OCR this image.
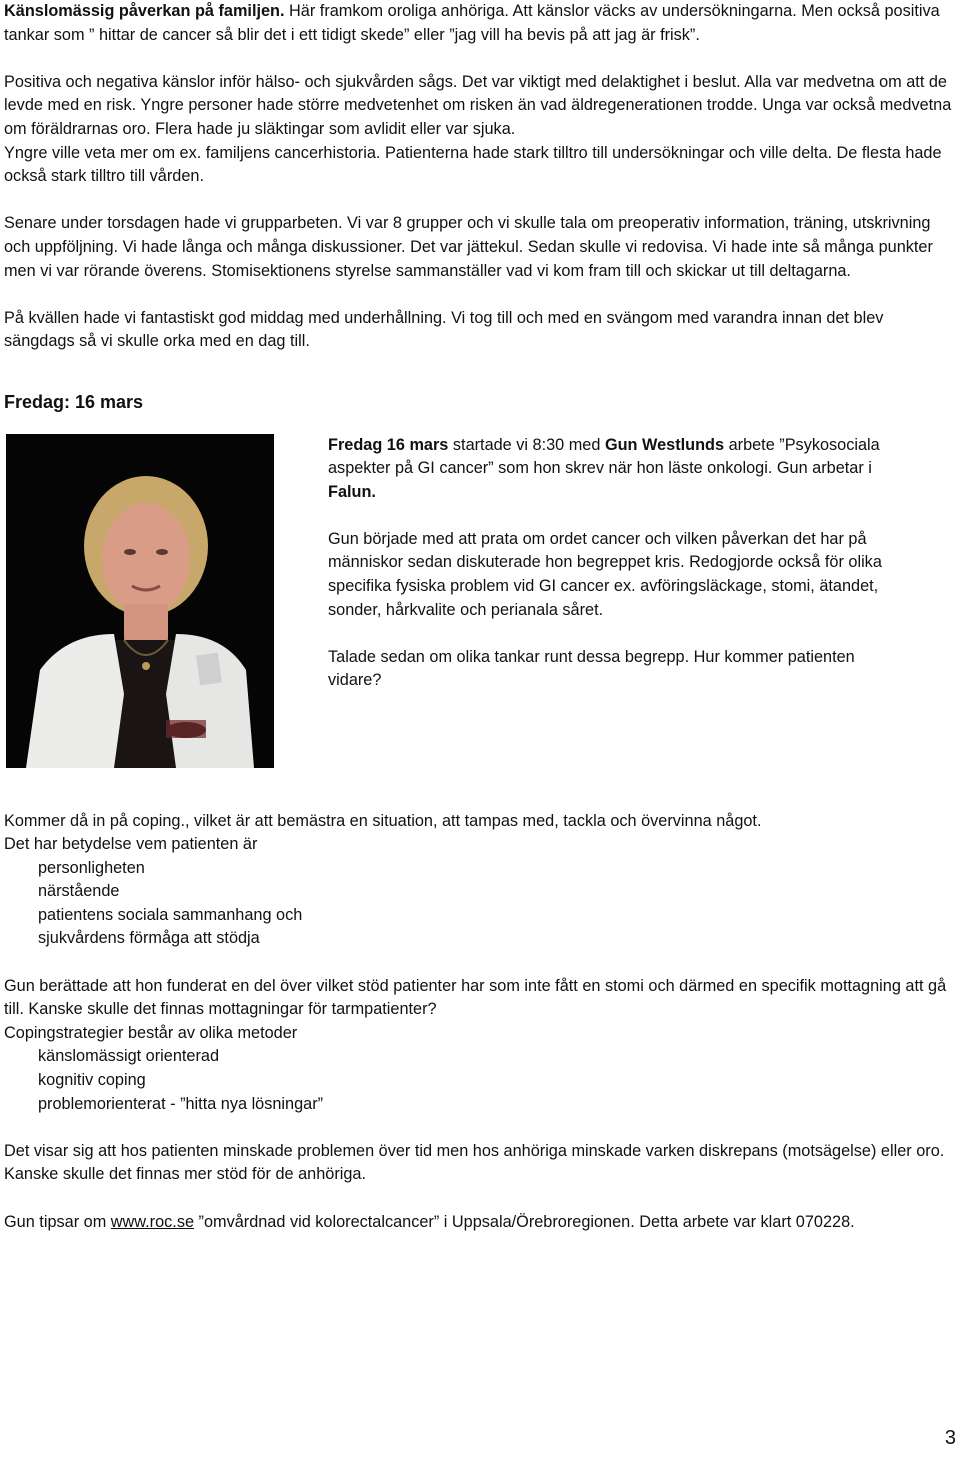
Känslomässig påverkan på familjen. Här framkom oroliga anhöriga. Att känslor väcks av undersökningarna. Men också positiva tankar som ” hittar de cancer så blir det i ett tidigt skede” eller ”jag vill ha bevis på att jag är frisk”.

Positiva och negativa känslor inför hälso- och sjukvården sågs. Det var viktigt med delaktighet i beslut. Alla var medvetna om att de levde med en risk. Yngre personer hade större medvetenhet om risken än vad äldregenerationen trodde. Unga var också medvetna om föräldrarnas oro. Flera hade ju släktingar som avlidit eller var sjuka.

Yngre ville veta mer om ex. familjens cancerhistoria. Patienterna hade stark tilltro till undersökningar och ville delta. De flesta hade också stark tilltro till vården.

Senare under torsdagen hade vi grupparbeten. Vi var 8 grupper och vi skulle tala om preoperativ information, träning, utskrivning och uppföljning. Vi hade långa och många diskussioner. Det var jättekul. Sedan skulle vi redovisa. Vi hade inte så många punkter men vi var rörande överens. Stomisektionens styrelse sammanställer vad vi kom fram till och skickar ut till deltagarna.

På kvällen hade vi fantastiskt god middag med underhållning. Vi tog till och med en svängom med varandra innan det blev sängdags så vi skulle orka med en dag till.

Fredag: 16 mars

Fredag 16 mars startade vi 8:30 med Gun Westlunds arbete ”Psykosociala aspekter på GI cancer” som hon skrev när hon läste onkologi. Gun arbetar i Falun.

Gun började med att prata om ordet cancer och vilken påverkan det har på människor sedan diskuterade hon begreppet kris. Redogjorde också för olika specifika fysiska problem vid GI cancer ex. avföringsläckage, stomi, ätandet, sonder, hårkvalite och perianala såret.

Talade sedan om olika tankar runt dessa begrepp. Hur kommer patienten vidare?

Kommer då in på coping., vilket är att bemästra en situation, att tampas med, tackla och övervinna något.

Det har betydelse vem patienten är

personligheten

närstående

patientens sociala sammanhang och

sjukvårdens förmåga att stödja

Gun berättade att hon funderat en del över vilket stöd patienter har som inte fått en stomi och därmed en specifik mottagning att gå till. Kanske skulle det finnas mottagningar för tarmpatienter?

Copingstrategier består av olika metoder

känslomässigt orienterad

kognitiv coping

problemorienterat - ”hitta nya lösningar”

Det visar sig att hos patienten minskade problemen över tid men hos anhöriga minskade varken diskrepans (motsägelse) eller oro. Kanske skulle det finnas mer stöd för de anhöriga.

Gun tipsar om www.roc.se ”omvårdnad vid kolorectalcancer” i Uppsala/Örebroregionen. Detta arbete var klart 070228.

3
